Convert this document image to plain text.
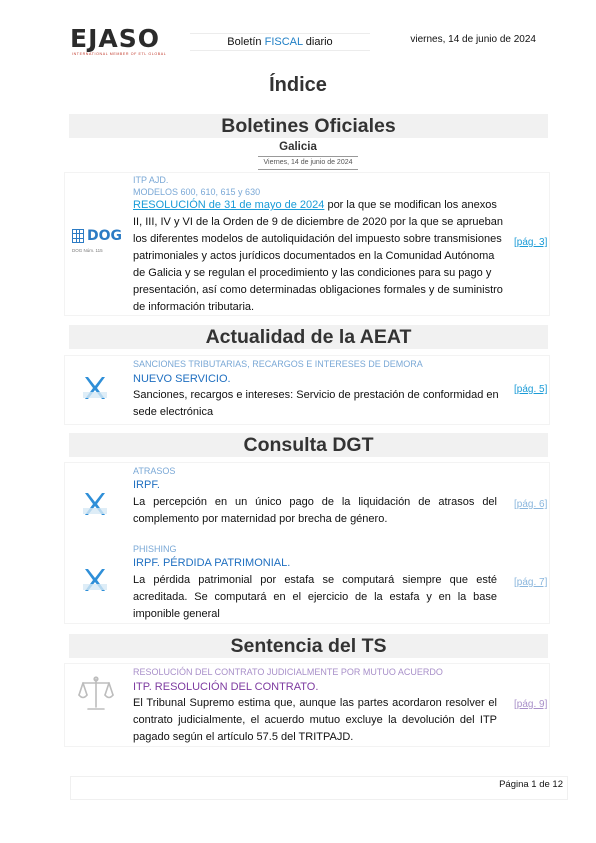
EJASO
INTERNATIONAL MEMBER OF ETL GLOBAL
Boletín FISCAL diario	viernes, 14 de junio de 2024
Índice
Boletines Oficiales
Galicia
Viernes, 14 de junio de 2024
DOG
DOG Núm. 115
ITP AJD.
MODELOS 600, 610, 615 y 630
RESOLUCIÓN de 31 de mayo de 2024 por la que se modifican los anexos
II, III, IV y VI de la Orden de 9 de diciembre de 2020 por la que se aprueban
los diferentes modelos de autoliquidación del impuesto sobre transmisiones
patrimoniales y actos jurídicos documentados en la Comunidad Autónoma
de Galicia y se regulan el procedimiento y las condiciones para su pago y
presentación, así como determinadas obligaciones formales y de suministro
de información tributaria.
[pág. 3]
Actualidad de la AEAT
SANCIONES TRIBUTARIAS, RECARGOS E INTERESES DE DEMORA
NUEVO SERVICIO.
Sanciones, recargos e intereses: Servicio de prestación de conformidad en sede electrónica
[pág. 5]
Consulta DGT
ATRASOS
IRPF.
La percepción en un único pago de la liquidación de atrasos del complemento por maternidad por brecha de género.
[pág. 6]
PHISHING
IRPF. PÉRDIDA PATRIMONIAL.
La pérdida patrimonial por estafa se computará siempre que esté acreditada. Se computará en el ejercicio de la estafa y en la base imponible general
[pág. 7]
Sentencia del TS
RESOLUCIÓN DEL CONTRATO JUDICIALMENTE POR MUTUO ACUERDO
ITP. RESOLUCIÓN DEL CONTRATO.
El Tribunal Supremo estima que, aunque las partes acordaron resolver el contrato judicialmente, el acuerdo mutuo excluye la devolución del ITP pagado según el artículo 57.5 del TRITPAJD.
[pág. 9]
Página 1 de 12
